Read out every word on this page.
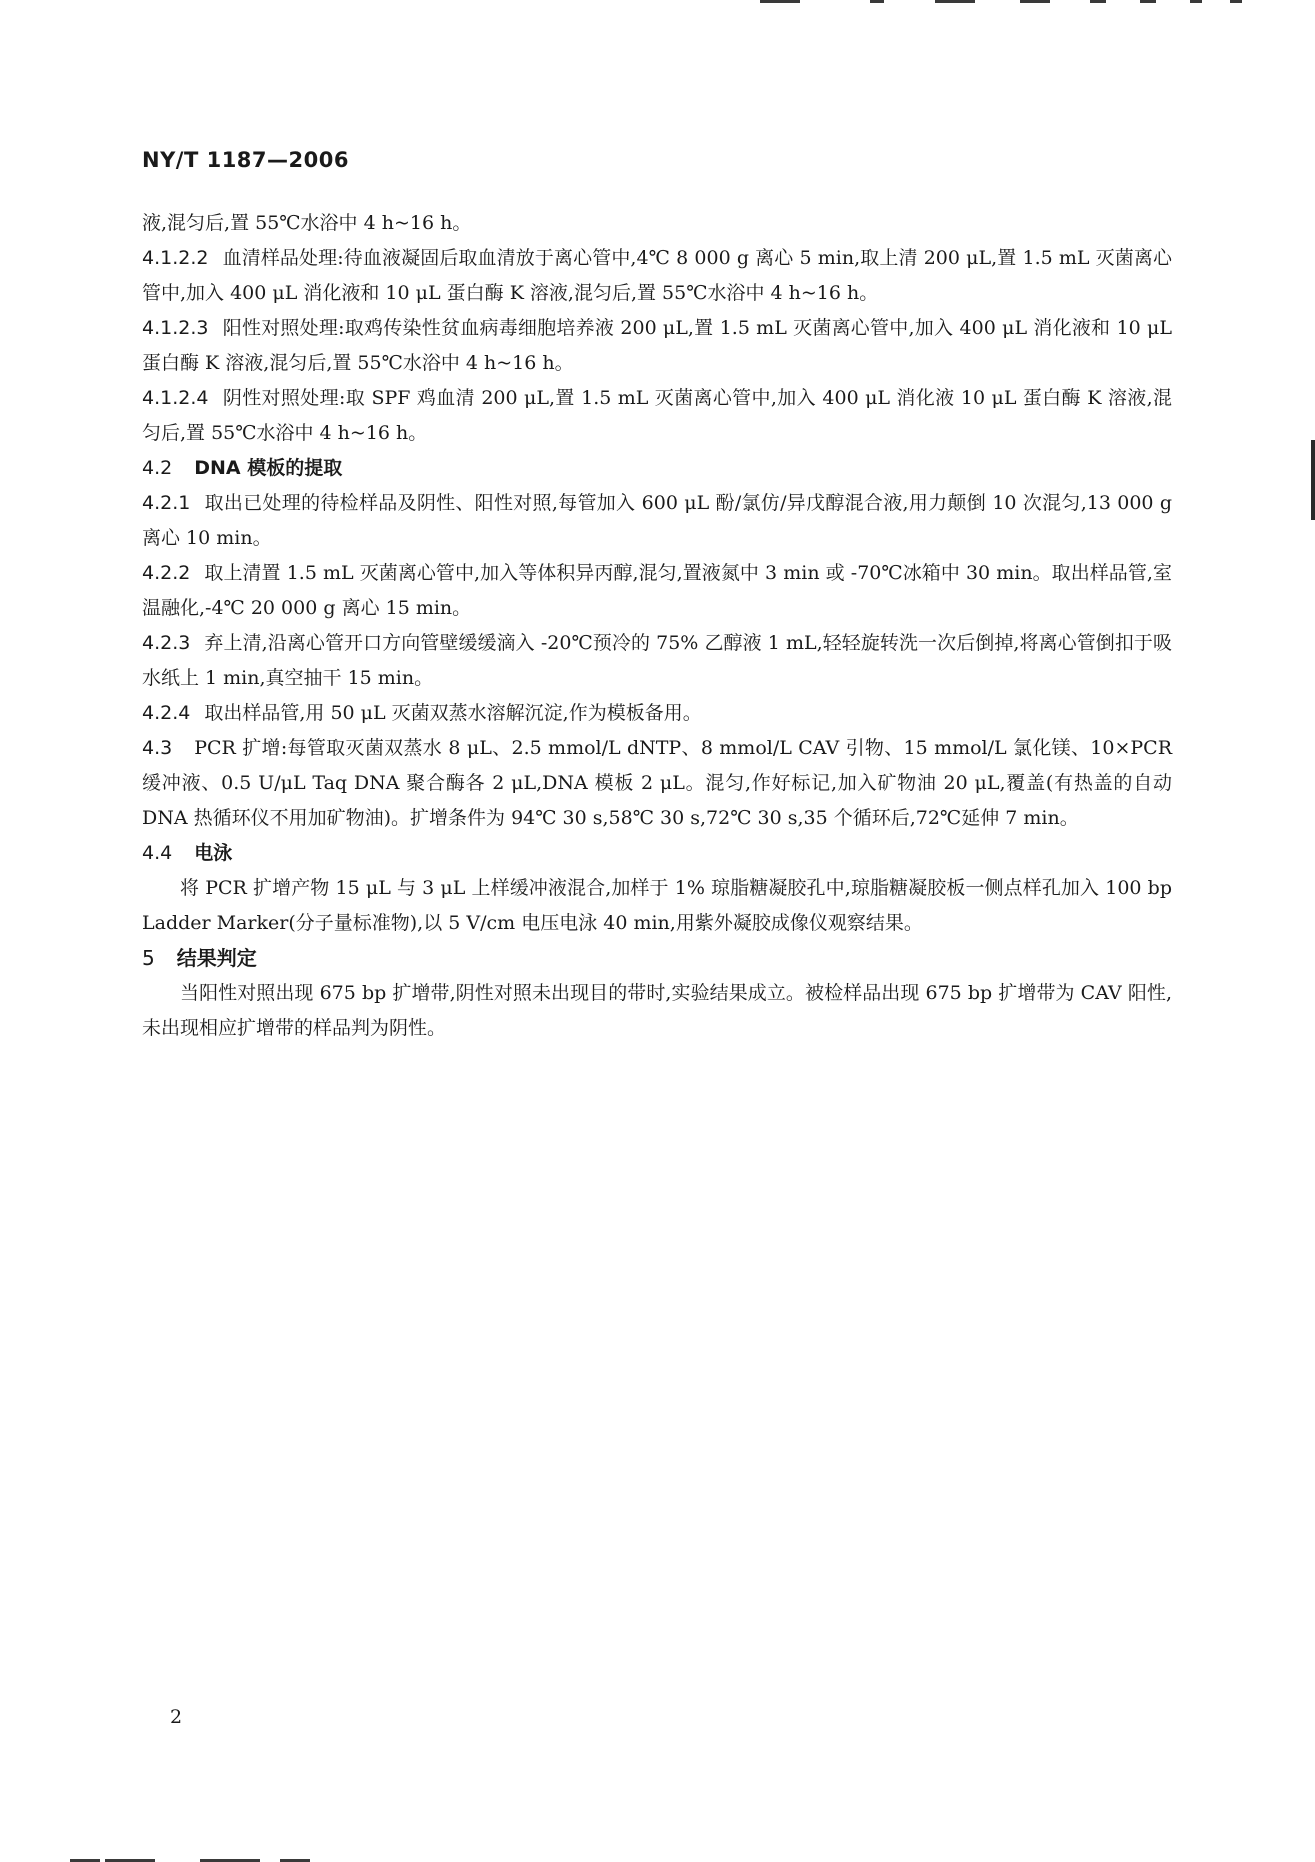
NY/T 1187—2006

液,混匀后,置 55℃水浴中 4 h~16 h。

4.1.2.2 血清样品处理:待血液凝固后取血清放于离心管中,4℃ 8 000 g 离心 5 min,取上清 200 μL,置 1.5 mL 灭菌离心管中,加入 400 μL 消化液和 10 μL 蛋白酶 K 溶液,混匀后,置 55℃水浴中 4 h~16 h。

4.1.2.3 阳性对照处理:取鸡传染性贫血病毒细胞培养液 200 μL,置 1.5 mL 灭菌离心管中,加入 400 μL 消化液和 10 μL 蛋白酶 K 溶液,混匀后,置 55℃水浴中 4 h~16 h。

4.1.2.4 阴性对照处理:取 SPF 鸡血清 200 μL,置 1.5 mL 灭菌离心管中,加入 400 μL 消化液 10 μL 蛋白酶 K 溶液,混匀后,置 55℃水浴中 4 h~16 h。

4.2 DNA 模板的提取

4.2.1 取出已处理的待检样品及阴性、阳性对照,每管加入 600 μL 酚/氯仿/异戊醇混合液,用力颠倒 10 次混匀,13 000 g 离心 10 min。

4.2.2 取上清置 1.5 mL 灭菌离心管中,加入等体积异丙醇,混匀,置液氮中 3 min 或 -70℃冰箱中 30 min。取出样品管,室温融化,-4℃ 20 000 g 离心 15 min。

4.2.3 弃上清,沿离心管开口方向管壁缓缓滴入 -20℃预冷的 75% 乙醇液 1 mL,轻轻旋转洗一次后倒掉,将离心管倒扣于吸水纸上 1 min,真空抽干 15 min。

4.2.4 取出样品管,用 50 μL 灭菌双蒸水溶解沉淀,作为模板备用。

4.3 PCR 扩增:每管取灭菌双蒸水 8 μL、2.5 mmol/L dNTP、8 mmol/L CAV 引物、15 mmol/L 氯化镁、10×PCR 缓冲液、0.5 U/μL Taq DNA 聚合酶各 2 μL,DNA 模板 2 μL。混匀,作好标记,加入矿物油 20 μL,覆盖(有热盖的自动 DNA 热循环仪不用加矿物油)。扩增条件为 94℃ 30 s,58℃ 30 s,72℃ 30 s,35 个循环后,72℃延伸 7 min。

4.4 电泳

将 PCR 扩增产物 15 μL 与 3 μL 上样缓冲液混合,加样于 1% 琼脂糖凝胶孔中,琼脂糖凝胶板一侧点样孔加入 100 bp Ladder Marker(分子量标准物),以 5 V/cm 电压电泳 40 min,用紫外凝胶成像仪观察结果。

5 结果判定

当阳性对照出现 675 bp 扩增带,阴性对照未出现目的带时,实验结果成立。被检样品出现 675 bp 扩增带为 CAV 阳性,未出现相应扩增带的样品判为阴性。

2
